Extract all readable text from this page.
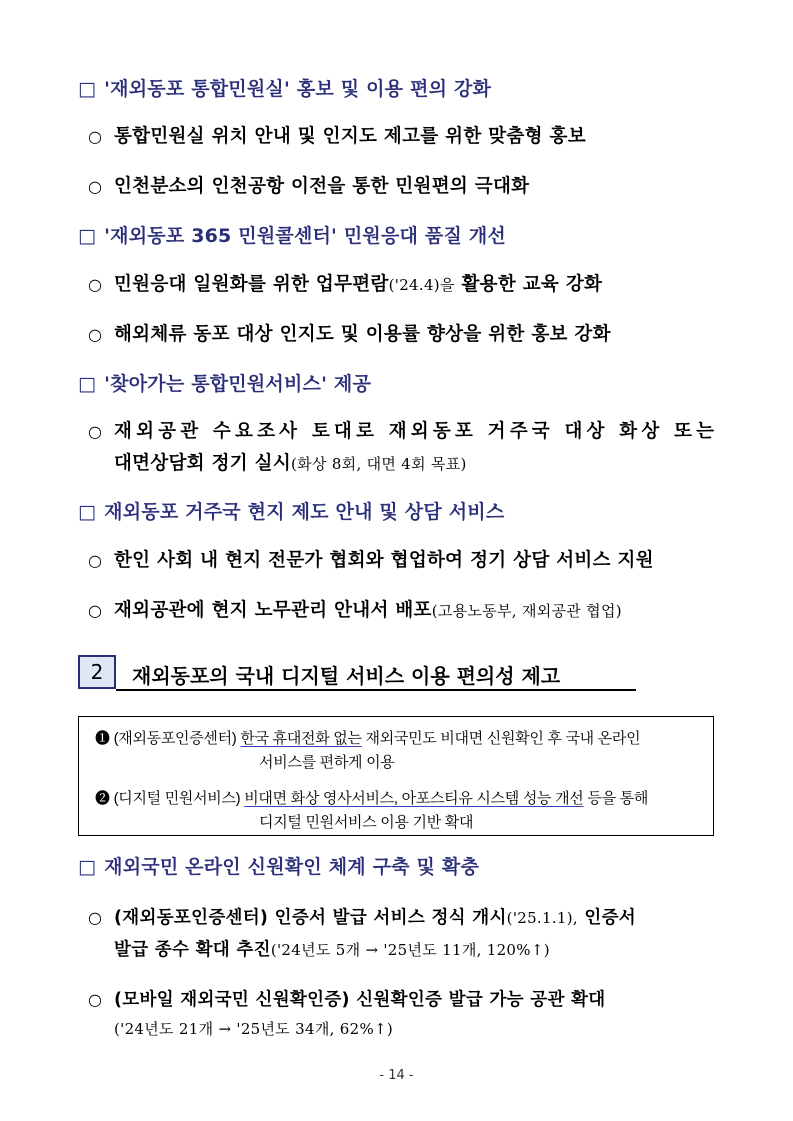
□ '재외동포 통합민원실' 홍보 및 이용 편의 강화
○ 통합민원실 위치 안내 및 인지도 제고를 위한 맞춤형 홍보
○ 인천분소의 인천공항 이전을 통한 민원편의 극대화
□ '재외동포 365 민원콜센터' 민원응대 품질 개선
○ 민원응대 일원화를 위한 업무편람('24.4)을 활용한 교육 강화
○ 해외체류 동포 대상 인지도 및 이용률 향상을 위한 홍보 강화
□ '찾아가는 통합민원서비스' 제공
○ 재외공관 수요조사 토대로 재외동포 거주국 대상 화상 또는
대면상담회 정기 실시(화상 8회, 대면 4회 목표)
□ 재외동포 거주국 현지 제도 안내 및 상담 서비스
○ 한인 사회 내 현지 전문가 협회와 협업하여 정기 상담 서비스 지원
○ 재외공관에 현지 노무관리 안내서 배포(고용노동부, 재외공관 협업)
2	재외동포의 국내 디지털 서비스 이용 편의성 제고
❶ (재외동포인증센터) 한국 휴대전화 없는 재외국민도 비대면 신원확인 후 국내 온라인
서비스를 편하게 이용
❷ (디지털 민원서비스) 비대면 화상 영사서비스, 아포스티유 시스템 성능 개선 등을 통해
디지털 민원서비스 이용 기반 확대
□ 재외국민 온라인 신원확인 체계 구축 및 확충
○ (재외동포인증센터) 인증서 발급 서비스 정식 개시('25.1.1), 인증서
발급 종수 확대 추진('24년도 5개 → '25년도 11개, 120%↑)
○ (모바일 재외국민 신원확인증) 신원확인증 발급 가능 공관 확대
('24년도 21개 → '25년도 34개, 62%↑)
- 14 -
